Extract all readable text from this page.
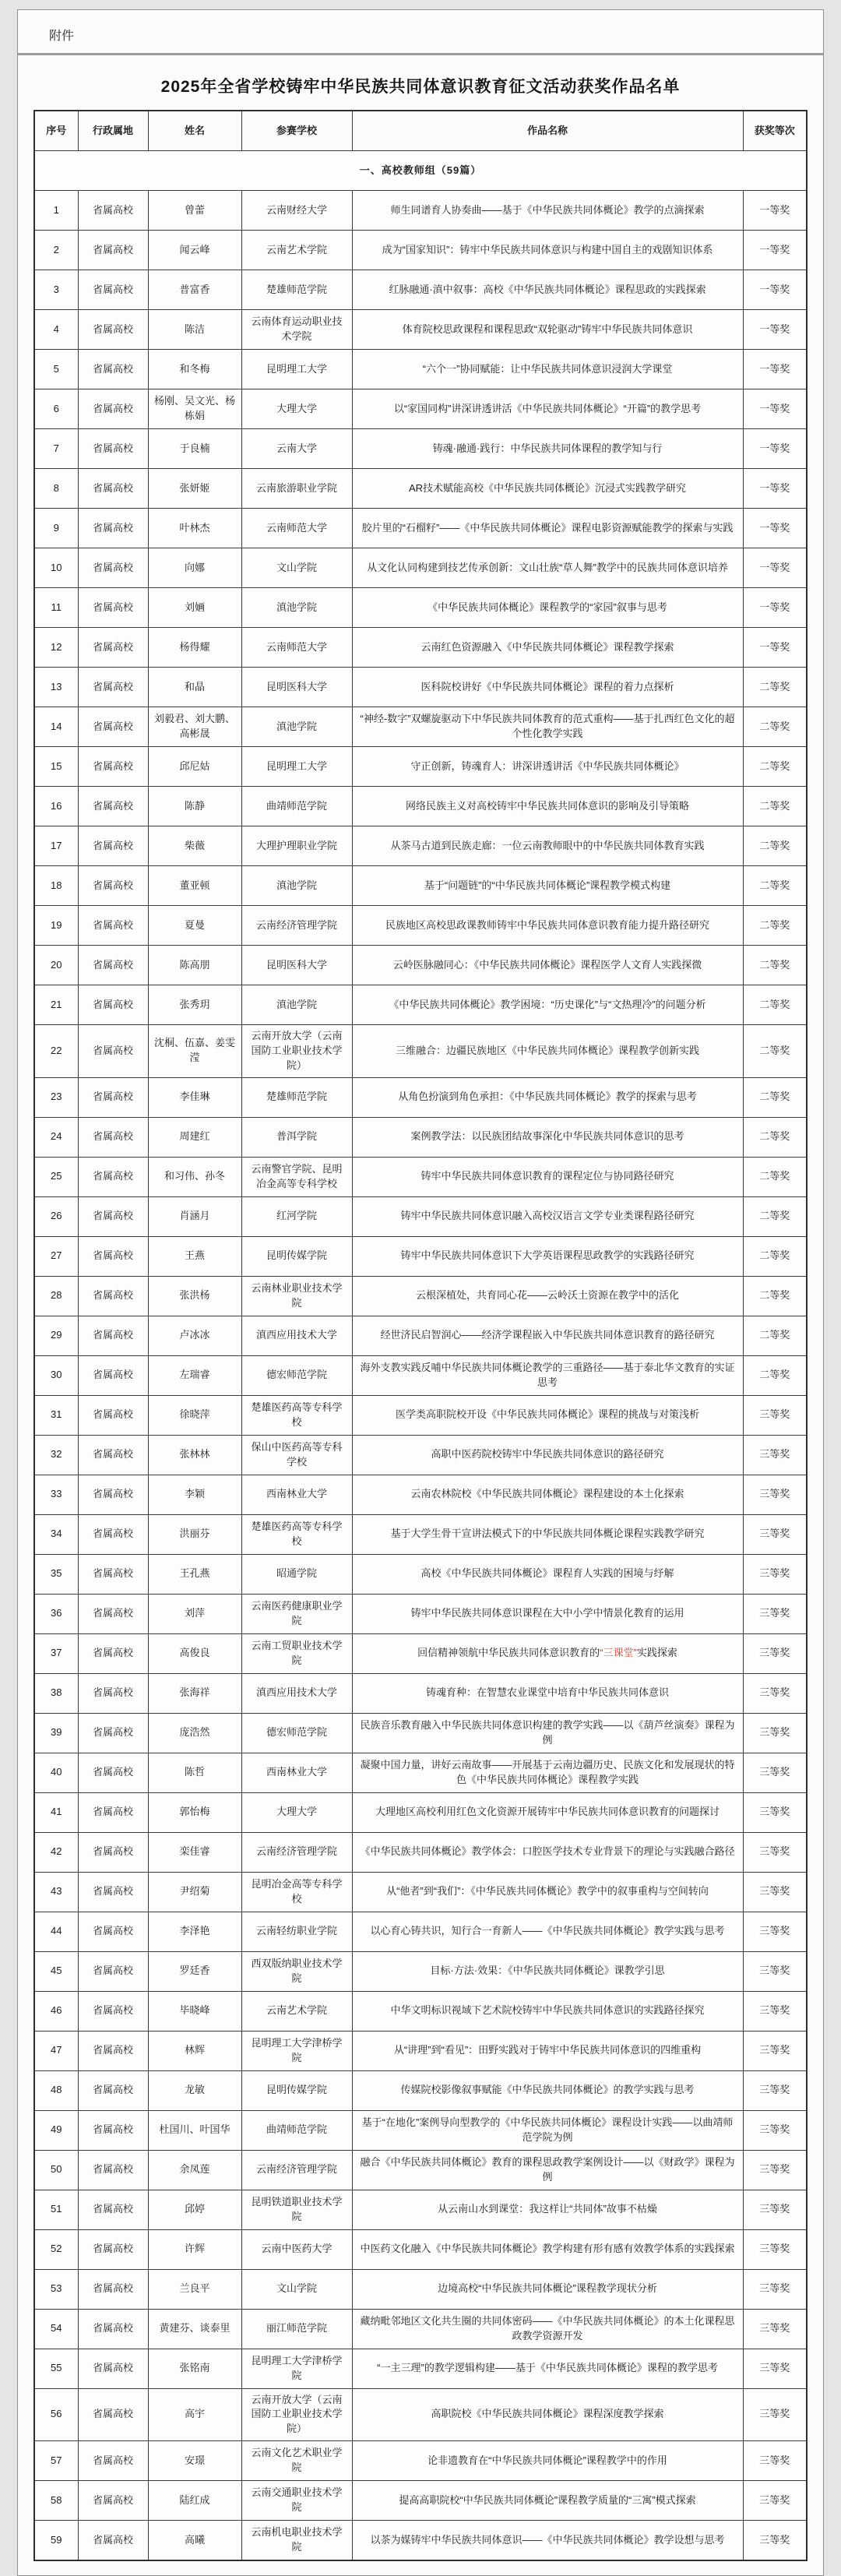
附件
2025年全省学校铸牢中华民族共同体意识教育征文活动获奖作品名单
一、高校教师组（59篇）					
序号	行政属地	姓名	参赛学校	作品名称	获奖等次
1	省属高校	曾蕾	云南财经大学	师生同谱育人协奏曲——基于《中华民族共同体概论》教学的点滴探索	一等奖
2	省属高校	闻云峰	云南艺术学院	成为“国家知识”：铸牢中华民族共同体意识与构建中国自主的戏剧知识体系	一等奖
3	省属高校	普富香	楚雄师范学院	红脉融通·滇中叙事：高校《中华民族共同体概论》课程思政的实践探索	一等奖
4	省属高校	陈洁	云南体育运动职业技术学院	体育院校思政课程和课程思政“双轮驱动”铸牢中华民族共同体意识	一等奖
5	省属高校	和冬梅	昆明理工大学	“六个一”协同赋能：让中华民族共同体意识浸润大学课堂	一等奖
6	省属高校	杨刚、吴文光、杨栋娟	大理大学	以“家国同构”讲深讲透讲活《中华民族共同体概论》“开篇”的教学思考	一等奖
7	省属高校	于良楠	云南大学	铸魂·融通·践行：中华民族共同体课程的教学知与行	一等奖
8	省属高校	张妍姬	云南旅游职业学院	AR技术赋能高校《中华民族共同体概论》沉浸式实践教学研究	一等奖
9	省属高校	叶林杰	云南师范大学	胶片里的“石榴籽”——《中华民族共同体概论》课程电影资源赋能教学的探索与实践	一等奖
10	省属高校	向娜	文山学院	从文化认同构建到技艺传承创新：文山壮族“草人舞”教学中的民族共同体意识培养	一等奖
11	省属高校	刘婳	滇池学院	《中华民族共同体概论》课程教学的“家园”叙事与思考	一等奖
12	省属高校	杨得耀	云南师范大学	云南红色资源融入《中华民族共同体概论》课程教学探索	一等奖
13	省属高校	和晶	昆明医科大学	医科院校讲好《中华民族共同体概论》课程的着力点探析	二等奖
14	省属高校	刘毅君、刘大鹏、高彬晟	滇池学院	“神经-数字”双螺旋驱动下中华民族共同体教育的范式重构——基于扎西红色文化的超个性化教学实践	二等奖
15	省属高校	邱尼姑	昆明理工大学	守正创新，铸魂育人：讲深讲透讲活《中华民族共同体概论》	二等奖
16	省属高校	陈静	曲靖师范学院	网络民族主义对高校铸牢中华民族共同体意识的影响及引导策略	二等奖
17	省属高校	柴薇	大理护理职业学院	从茶马古道到民族走廊：一位云南教师眼中的中华民族共同体教育实践	二等奖
18	省属高校	董亚顿	滇池学院	基于“问题链”的“中华民族共同体概论”课程教学模式构建	二等奖
19	省属高校	夏曼	云南经济管理学院	民族地区高校思政课教师铸牢中华民族共同体意识教育能力提升路径研究	二等奖
20	省属高校	陈高朋	昆明医科大学	云岭医脉融同心：《中华民族共同体概论》课程医学人文育人实践探微	二等奖
21	省属高校	张秀玥	滇池学院	《中华民族共同体概论》教学困境：“历史课化”与“文热理冷”的问题分析	二等奖
22	省属高校	沈桐、伍嘉、姜雯滢	云南开放大学（云南国防工业职业技术学院）	三维融合：边疆民族地区《中华民族共同体概论》课程教学创新实践	二等奖
23	省属高校	李佳琳	楚雄师范学院	从角色扮演到角色承担：《中华民族共同体概论》教学的探索与思考	二等奖
24	省属高校	周建红	普洱学院	案例教学法：以民族团结故事深化中华民族共同体意识的思考	二等奖
25	省属高校	和习伟、孙冬	云南警官学院、昆明冶金高等专科学校	铸牢中华民族共同体意识教育的课程定位与协同路径研究	二等奖
26	省属高校	肖涵月	红河学院	铸牢中华民族共同体意识融入高校汉语言文学专业类课程路径研究	二等奖
27	省属高校	王燕	昆明传媒学院	铸牢中华民族共同体意识下大学英语课程思政教学的实践路径研究	二等奖
28	省属高校	张洪杨	云南林业职业技术学院	云根深植处，共育同心花——云岭沃土资源在教学中的活化	二等奖
29	省属高校	卢冰冰	滇西应用技术大学	经世济民启智润心——经济学课程嵌入中华民族共同体意识教育的路径研究	二等奖
30	省属高校	左瑞睿	德宏师范学院	海外支教实践反哺中华民族共同体概论教学的三重路径——基于泰北华文教育的实证思考	二等奖
31	省属高校	徐晓萍	楚雄医药高等专科学校	医学类高职院校开设《中华民族共同体概论》课程的挑战与对策浅析	三等奖
32	省属高校	张林林	保山中医药高等专科学校	高职中医药院校铸牢中华民族共同体意识的路径研究	三等奖
33	省属高校	李颖	西南林业大学	云南农林院校《中华民族共同体概论》课程建设的本土化探索	三等奖
34	省属高校	洪丽芬	楚雄医药高等专科学校	基于大学生骨干宣讲法模式下的中华民族共同体概论课程实践教学研究	三等奖
35	省属高校	王孔燕	昭通学院	高校《中华民族共同体概论》课程育人实践的困境与纾解	三等奖
36	省属高校	刘萍	云南医药健康职业学院	铸牢中华民族共同体意识课程在大中小学中情景化教育的运用	三等奖
37	省属高校	高俊良	云南工贸职业技术学院	回信精神领航中华民族共同体意识教育的“三课堂”实践探索	三等奖
38	省属高校	张海祥	滇西应用技术大学	铸魂育种：在智慧农业课堂中培育中华民族共同体意识	三等奖
39	省属高校	庞浩然	德宏师范学院	民族音乐教育融入中华民族共同体意识构建的教学实践——以《葫芦丝演奏》课程为例	三等奖
40	省属高校	陈哲	西南林业大学	凝聚中国力量，讲好云南故事——开展基于云南边疆历史、民族文化和发展现状的特色《中华民族共同体概论》课程教学实践	三等奖
41	省属高校	郭怡梅	大理大学	大理地区高校利用红色文化资源开展铸牢中华民族共同体意识教育的问题探讨	三等奖
42	省属高校	栾佳睿	云南经济管理学院	《中华民族共同体概论》教学体会：口腔医学技术专业背景下的理论与实践融合路径	三等奖
43	省属高校	尹绍菊	昆明冶金高等专科学校	从“他者”到“我们”：《中华民族共同体概论》教学中的叙事重构与空间转向	三等奖
44	省属高校	李泽艳	云南轻纺职业学院	以心育心铸共识，知行合一育新人——《中华民族共同体概论》教学实践与思考	三等奖
45	省属高校	罗廷香	西双版纳职业技术学院	目标·方法·效果：《中华民族共同体概论》课教学引思	三等奖
46	省属高校	毕晓峰	云南艺术学院	中华文明标识视域下艺术院校铸牢中华民族共同体意识的实践路径探究	三等奖
47	省属高校	林辉	昆明理工大学津桥学院	从“讲理”到“看见”：田野实践对于铸牢中华民族共同体意识的四维重构	三等奖
48	省属高校	龙敏	昆明传媒学院	传媒院校影像叙事赋能《中华民族共同体概论》的教学实践与思考	三等奖
49	省属高校	杜国川、叶国华	曲靖师范学院	基于“在地化”案例导向型教学的《中华民族共同体概论》课程设计实践——以曲靖师范学院为例	三等奖
50	省属高校	余凤莲	云南经济管理学院	融合《中华民族共同体概论》教育的课程思政教学案例设计——以《财政学》课程为例	三等奖
51	省属高校	邱婷	昆明铁道职业技术学院	从云南山水到课堂：我这样让“共同体”故事不枯燥	三等奖
52	省属高校	许辉	云南中医药大学	中医药文化融入《中华民族共同体概论》教学构建有形有感有效教学体系的实践探索	三等奖
53	省属高校	兰良平	文山学院	边境高校“中华民族共同体概论”课程教学现状分析	三等奖
54	省属高校	黄建芬、谈泰里	丽江师范学院	藏纳毗邻地区文化共生圈的共同体密码——《中华民族共同体概论》的本土化课程思政教学资源开发	三等奖
55	省属高校	张铭南	昆明理工大学津桥学院	“一主三理”的教学逻辑构建——基于《中华民族共同体概论》课程的教学思考	三等奖
56	省属高校	高宇	云南开放大学（云南国防工业职业技术学院）	高职院校《中华民族共同体概论》课程深度教学探索	三等奖
57	省属高校	安璟	云南文化艺术职业学院	论非遗教育在“中华民族共同体概论”课程教学中的作用	三等奖
58	省属高校	陆红成	云南交通职业技术学院	提高高职院校“中华民族共同体概论”课程教学质量的“三寓”模式探索	三等奖
59	省属高校	高曦	云南机电职业技术学院	以茶为媒铸牢中华民族共同体意识——《中华民族共同体概论》教学设想与思考	三等奖
